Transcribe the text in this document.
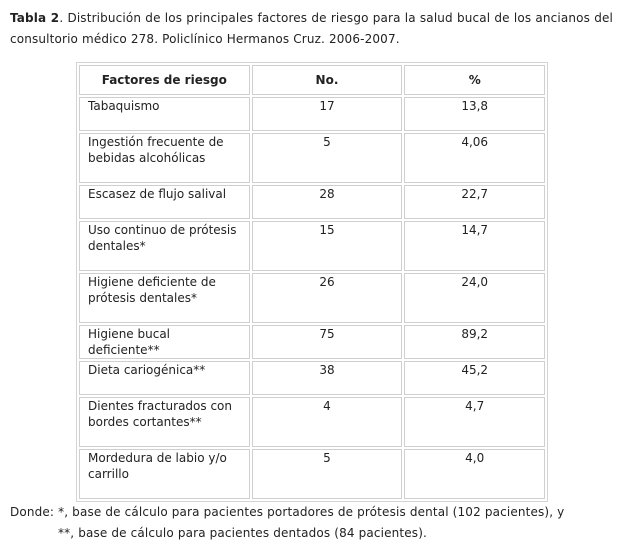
Tabla 2. Distribución de los principales factores de riesgo para la salud bucal de los ancianos del consultorio médico 278. Policlínico Hermanos Cruz. 2006-2007.
Factores de riesgo	No.	%
Tabaquismo	17	13,8
Ingestión frecuente de bebidas alcohólicas	5	4,06
Escasez de flujo salival	28	22,7
Uso continuo de prótesis dentales*	15	14,7
Higiene deficiente de prótesis dentales*	26	24,0
Higiene bucal deficiente**	75	89,2
Dieta cariogénica**	38	45,2
Dientes fracturados con bordes cortantes**	4	4,7
Mordedura de labio y/o carrillo	5	4,0
Donde: *, base de cálculo para pacientes portadores de prótesis dental (102 pacientes), y
**, base de cálculo para pacientes dentados (84 pacientes).
